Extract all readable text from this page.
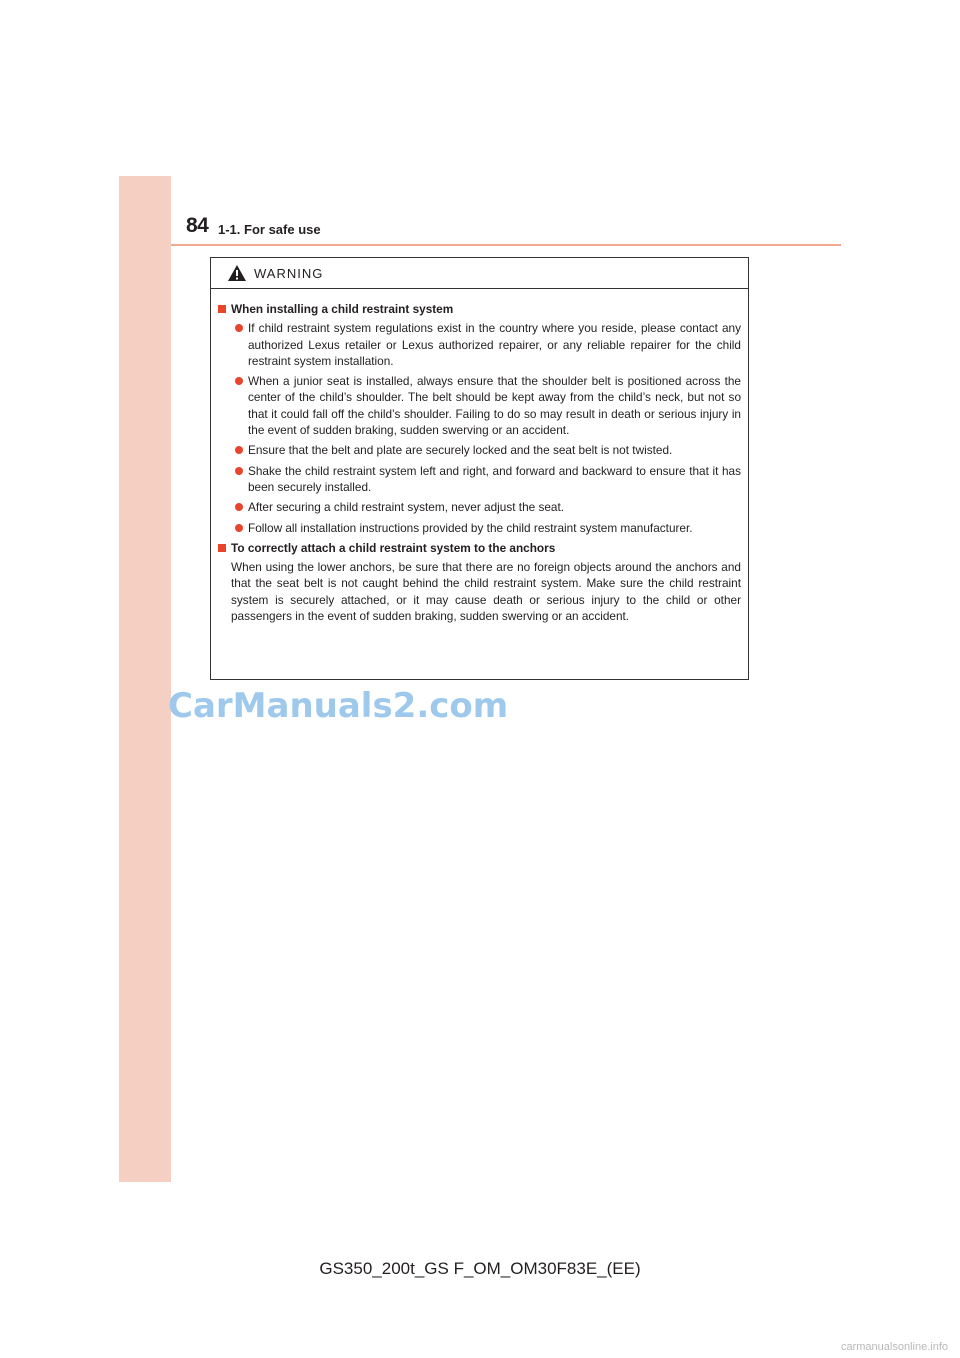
84 1-1. For safe use
WARNING
When installing a child restraint system
If child restraint system regulations exist in the country where you reside, please contact any authorized Lexus retailer or Lexus authorized repairer, or any reliable repairer for the child restraint system installation.
When a junior seat is installed, always ensure that the shoulder belt is positioned across the center of the child’s shoulder. The belt should be kept away from the child’s neck, but not so that it could fall off the child’s shoulder. Failing to do so may result in death or serious injury in the event of sudden braking, sudden swerving or an accident.
Ensure that the belt and plate are securely locked and the seat belt is not twisted.
Shake the child restraint system left and right, and forward and backward to ensure that it has been securely installed.
After securing a child restraint system, never adjust the seat.
Follow all installation instructions provided by the child restraint system manufacturer.
To correctly attach a child restraint system to the anchors
When using the lower anchors, be sure that there are no foreign objects around the anchors and that the seat belt is not caught behind the child restraint system. Make sure the child restraint system is securely attached, or it may cause death or serious injury to the child or other passengers in the event of sudden braking, sudden swerving or an accident.
CarManuals2.com
GS350_200t_GS F_OM_OM30F83E_(EE)
carmanualsonline.info
